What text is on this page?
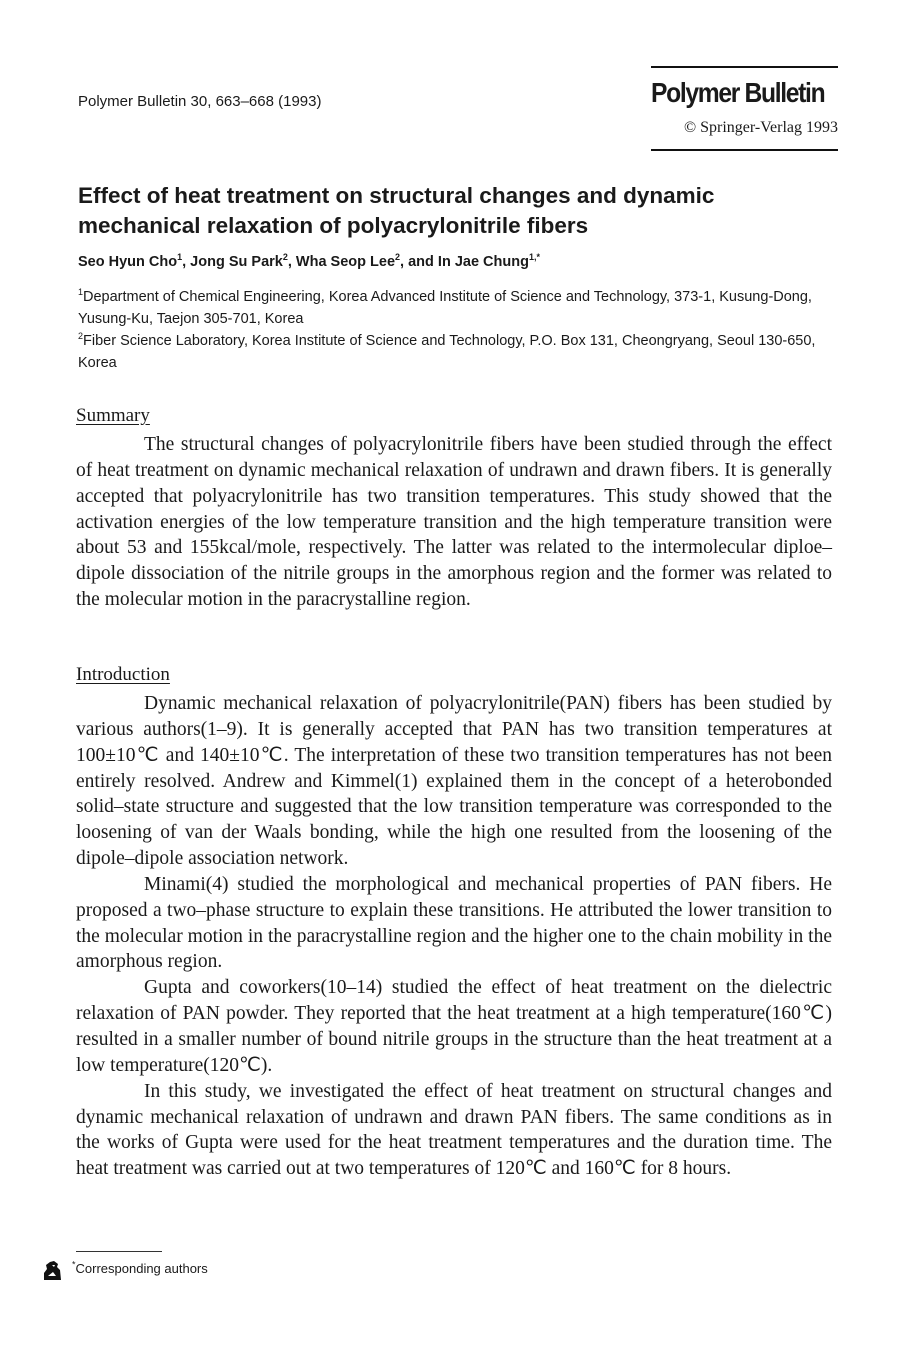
Polymer Bulletin 30, 663–668 (1993)	Polymer Bulletin
© Springer-Verlag 1993
Effect of heat treatment on structural changes and dynamic mechanical relaxation of polyacrylonitrile fibers
Seo Hyun Cho$^1$, Jong Su Park$^2$, Wha Seop Lee$^2$, and In Jae Chung$^{1,*}$

$^1$Department of Chemical Engineering, Korea Advanced Institute of Science and Technology, 373-1, Kusung-Dong, Yusung-Ku, Taejon 305-701, Korea

$^2$Fiber Science Laboratory, Korea Institute of Science and Technology, P.O. Box 131, Cheongryang, Seoul 130-650, Korea

Summary

The structural changes of polyacrylonitrile fibers have been studied through the effect of heat treatment on dynamic mechanical relaxation of undrawn and drawn fibers. It is generally accepted that polyacrylonitrile has two transition temperatures. This study showed that the activation energies of the low temperature transition and the high temperature transition were about 53 and 155kcal/mole, respectively. The latter was related to the intermolecular diploe–dipole dissociation of the nitrile groups in the amorphous region and the former was related to the molecular motion in the paracrystalline region.

Introduction

Dynamic mechanical relaxation of polyacrylonitrile(PAN) fibers has been studied by various authors(1–9). It is generally accepted that PAN has two transition temperatures at 100±10℃ and 140±10℃. The interpretation of these two transition temperatures has not been entirely resolved. Andrew and Kimmel(1) explained them in the concept of a heterobonded solid–state structure and suggested that the low transition temperature was corresponded to the loosening of van der Waals bonding, while the high one resulted from the loosening of the dipole–dipole association network.

Minami(4) studied the morphological and mechanical properties of PAN fibers. He proposed a two–phase structure to explain these transitions. He attributed the lower transition to the molecular motion in the paracrystalline region and the higher one to the chain mobility in the amorphous region.

Gupta and coworkers(10–14) studied the effect of heat treatment on the dielectric relaxation of PAN powder. They reported that the heat treatment at a high temperature(160℃) resulted in a smaller number of bound nitrile groups in the structure than the heat treatment at a low temperature(120℃).

In this study, we investigated the effect of heat treatment on structural changes and dynamic mechanical relaxation of undrawn and drawn PAN fibers. The same conditions as in the works of Gupta were used for the heat treatment temperatures and the duration time. The heat treatment was carried out at two temperatures of 120℃ and 160℃ for 8 hours.

*Corresponding authors
